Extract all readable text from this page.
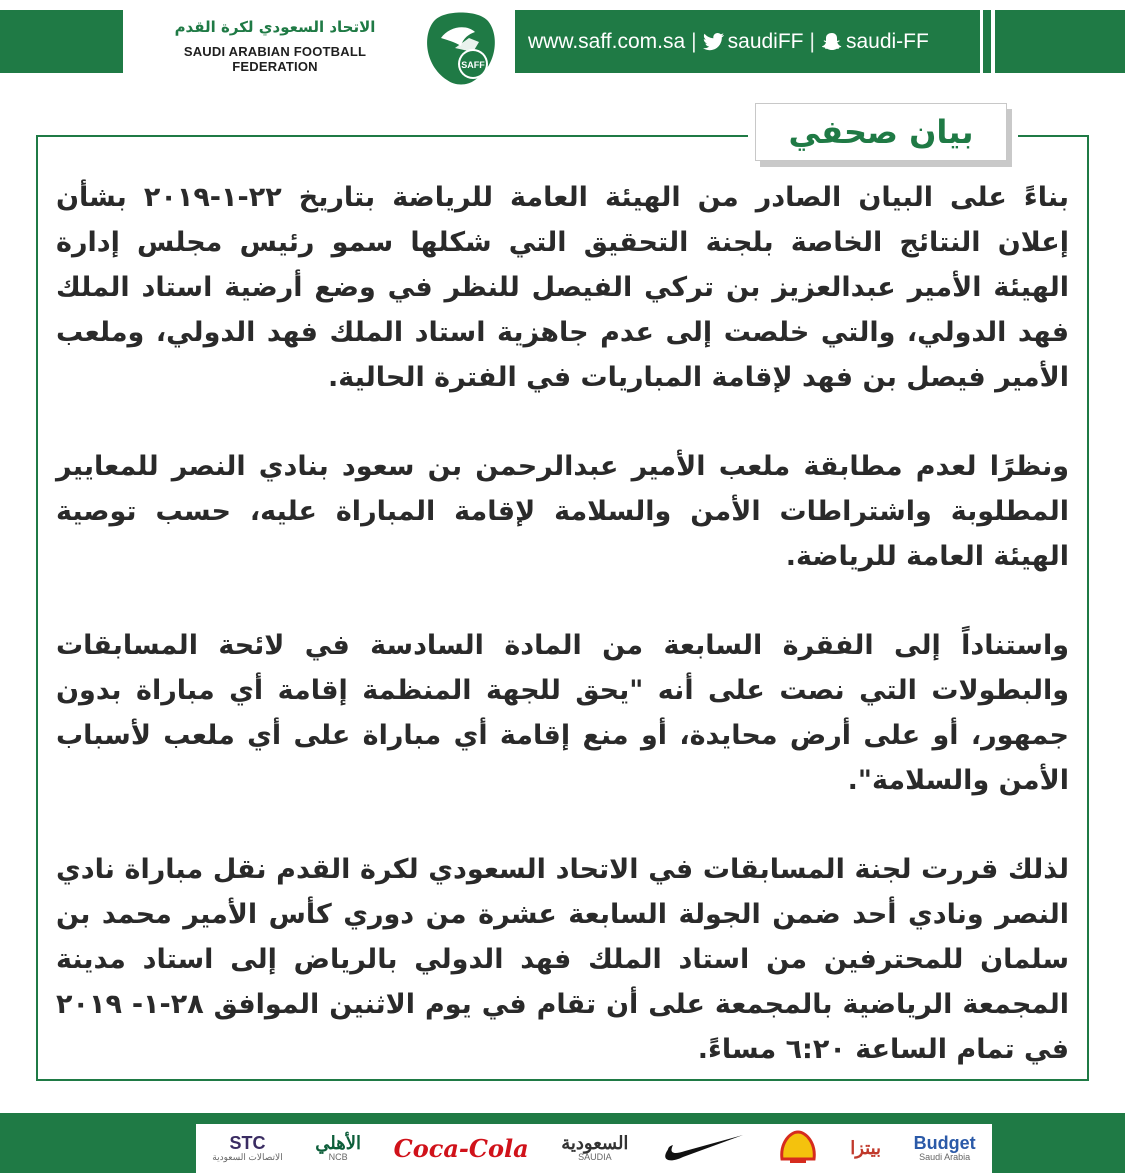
الاتحاد السعودي لكرة القدم
SAUDI ARABIAN FOOTBALL FEDERATION	SAFF
www.saff.com.sa | saudiFF | saudi-FF
بيان صحفي

بناءً على البيان الصادر من الهيئة العامة للرياضة بتاريخ ٢٢-١-٢٠١٩ بشأن إعلان النتائج الخاصة بلجنة التحقيق التي شكلها سمو رئيس مجلس إدارة الهيئة الأمير عبدالعزيز بن تركي الفيصل للنظر في وضع أرضية استاد الملك فهد الدولي، والتي خلصت إلى عدم جاهزية استاد الملك فهد الدولي، وملعب الأمير فيصل بن فهد لإقامة المباريات في الفترة الحالية.

ونظرًا لعدم مطابقة ملعب الأمير عبدالرحمن بن سعود بنادي النصر للمعايير المطلوبة واشتراطات الأمن والسلامة لإقامة المباراة عليه، حسب توصية الهيئة العامة للرياضة.

واستناداً إلى الفقرة السابعة من المادة السادسة في لائحة المسابقات والبطولات التي نصت على أنه "يحق للجهة المنظمة إقامة أي مباراة بدون جمهور، أو على أرض محايدة، أو منع إقامة أي مباراة على أي ملعب لأسباب الأمن والسلامة".

لذلك قررت لجنة المسابقات في الاتحاد السعودي لكرة القدم نقل مباراة نادي النصر ونادي أحد ضمن الجولة السابعة عشرة من دوري كأس الأمير محمد بن سلمان للمحترفين من استاد الملك فهد الدولي بالرياض إلى استاد مدينة المجمعة الرياضية بالمجمعة على أن تقام في يوم الاثنين الموافق ٢٨-١- ٢٠١٩ في تمام الساعة ٦:٢٠ مساءً.

Budget
Saudi Arabia
بيتزا
السعودية
SAUDIA
Coca-Cola
الأهلي
NCB
STC
الاتصالات السعودية
